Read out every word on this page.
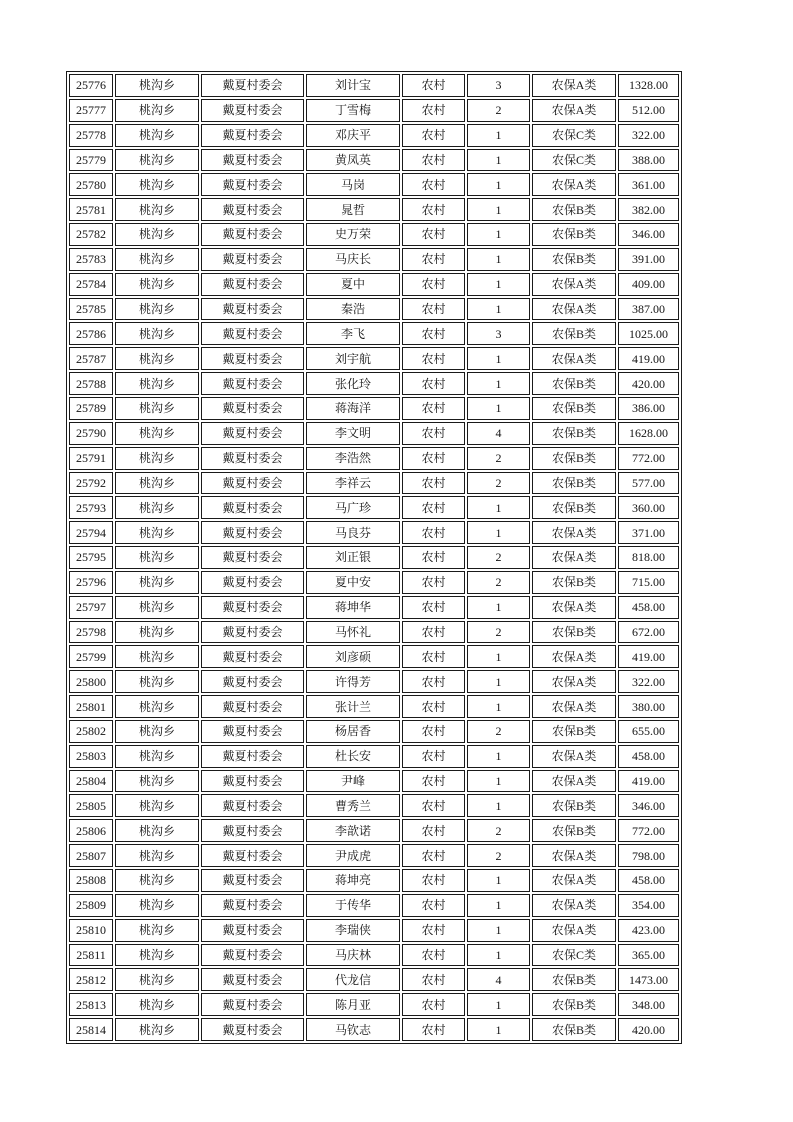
25776	桃沟乡	戴夏村委会	刘计宝	农村	3	农保A类	1328.00
25777	桃沟乡	戴夏村委会	丁雪梅	农村	2	农保A类	512.00
25778	桃沟乡	戴夏村委会	邓庆平	农村	1	农保C类	322.00
25779	桃沟乡	戴夏村委会	黄凤英	农村	1	农保C类	388.00
25780	桃沟乡	戴夏村委会	马岗	农村	1	农保A类	361.00
25781	桃沟乡	戴夏村委会	晁哲	农村	1	农保B类	382.00
25782	桃沟乡	戴夏村委会	史万荣	农村	1	农保B类	346.00
25783	桃沟乡	戴夏村委会	马庆长	农村	1	农保B类	391.00
25784	桃沟乡	戴夏村委会	夏中	农村	1	农保A类	409.00
25785	桃沟乡	戴夏村委会	秦浩	农村	1	农保A类	387.00
25786	桃沟乡	戴夏村委会	李飞	农村	3	农保B类	1025.00
25787	桃沟乡	戴夏村委会	刘宇航	农村	1	农保A类	419.00
25788	桃沟乡	戴夏村委会	张化玲	农村	1	农保B类	420.00
25789	桃沟乡	戴夏村委会	蒋海洋	农村	1	农保B类	386.00
25790	桃沟乡	戴夏村委会	李文明	农村	4	农保B类	1628.00
25791	桃沟乡	戴夏村委会	李浩然	农村	2	农保B类	772.00
25792	桃沟乡	戴夏村委会	李祥云	农村	2	农保B类	577.00
25793	桃沟乡	戴夏村委会	马广珍	农村	1	农保B类	360.00
25794	桃沟乡	戴夏村委会	马良芬	农村	1	农保A类	371.00
25795	桃沟乡	戴夏村委会	刘正银	农村	2	农保A类	818.00
25796	桃沟乡	戴夏村委会	夏中安	农村	2	农保B类	715.00
25797	桃沟乡	戴夏村委会	蒋坤华	农村	1	农保A类	458.00
25798	桃沟乡	戴夏村委会	马怀礼	农村	2	农保B类	672.00
25799	桃沟乡	戴夏村委会	刘彦硕	农村	1	农保A类	419.00
25800	桃沟乡	戴夏村委会	许得芳	农村	1	农保A类	322.00
25801	桃沟乡	戴夏村委会	张计兰	农村	1	农保A类	380.00
25802	桃沟乡	戴夏村委会	杨居香	农村	2	农保B类	655.00
25803	桃沟乡	戴夏村委会	杜长安	农村	1	农保A类	458.00
25804	桃沟乡	戴夏村委会	尹峰	农村	1	农保A类	419.00
25805	桃沟乡	戴夏村委会	曹秀兰	农村	1	农保B类	346.00
25806	桃沟乡	戴夏村委会	李歆诺	农村	2	农保B类	772.00
25807	桃沟乡	戴夏村委会	尹成虎	农村	2	农保A类	798.00
25808	桃沟乡	戴夏村委会	蒋坤亮	农村	1	农保A类	458.00
25809	桃沟乡	戴夏村委会	于传华	农村	1	农保A类	354.00
25810	桃沟乡	戴夏村委会	李瑞侠	农村	1	农保A类	423.00
25811	桃沟乡	戴夏村委会	马庆林	农村	1	农保C类	365.00
25812	桃沟乡	戴夏村委会	代龙信	农村	4	农保B类	1473.00
25813	桃沟乡	戴夏村委会	陈月亚	农村	1	农保B类	348.00
25814	桃沟乡	戴夏村委会	马钦志	农村	1	农保B类	420.00
